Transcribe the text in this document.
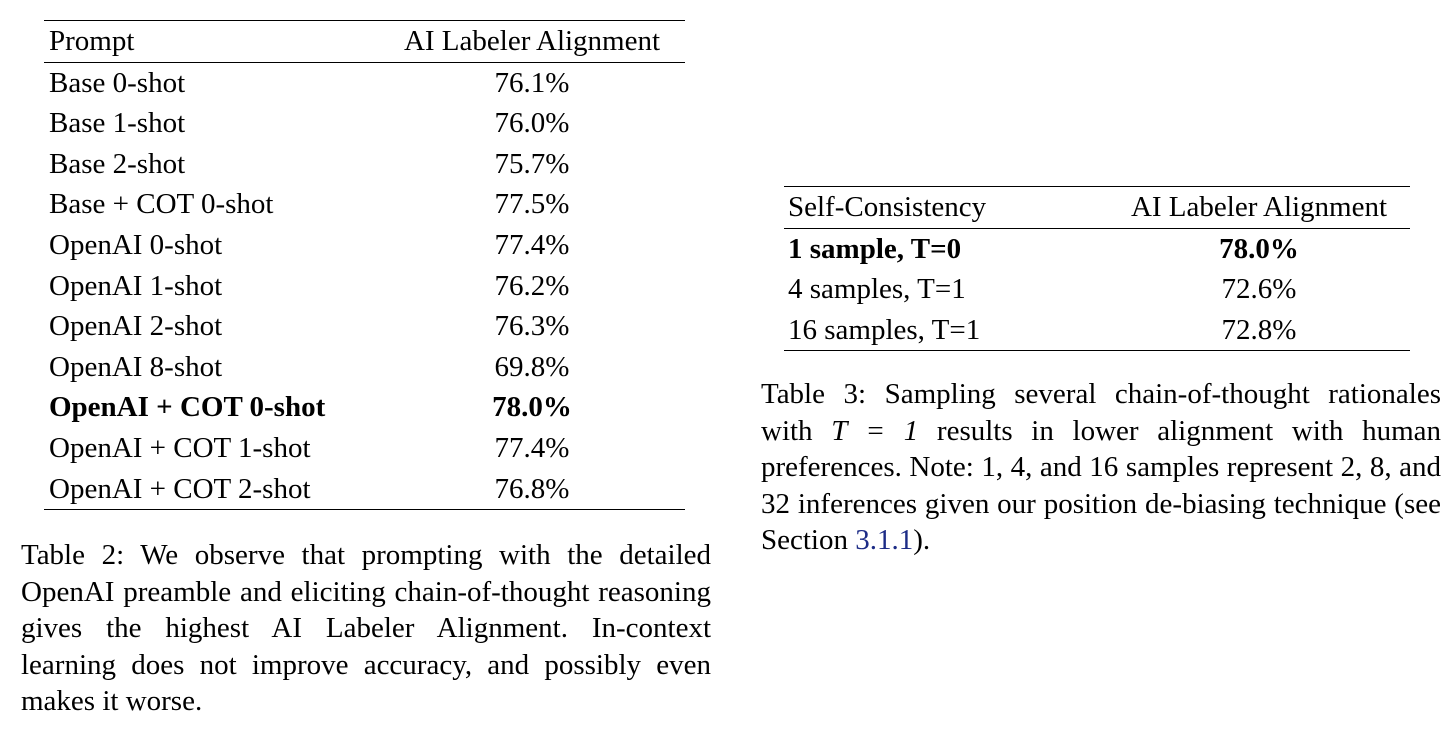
Prompt	AI Labeler Alignment
Base 0-shot	76.1%
Base 1-shot	76.0%
Base 2-shot	75.7%
Base + COT 0-shot	77.5%
OpenAI 0-shot	77.4%
OpenAI 1-shot	76.2%
OpenAI 2-shot	76.3%
OpenAI 8-shot	69.8%
OpenAI + COT 0-shot	78.0%
OpenAI + COT 1-shot	77.4%
OpenAI + COT 2-shot	76.8%
Table 2: We observe that prompting with the detailed OpenAI preamble and eliciting chain-of-thought reasoning gives the highest AI Labeler Alignment. In-context learning does not improve accuracy, and possibly even makes it worse.
Self-Consistency	AI Labeler Alignment
1 sample, T=0	78.0%
4 samples, T=1	72.6%
16 samples, T=1	72.8%
Table 3: Sampling several chain-of-thought rationales with T = 1 results in lower alignment with human preferences. Note: 1, 4, and 16 samples represent 2, 8, and 32 inferences given our position de-biasing technique (see Section 3.1.1).
